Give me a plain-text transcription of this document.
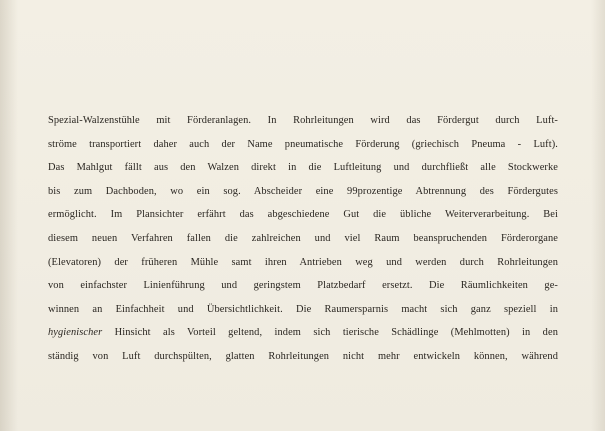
Spezial-Walzenstühle mit Förderanlagen. In Rohrleitungen wird das Fördergut durch Luft-
ströme transportiert daher auch der Name pneumatische Förderung (griechisch Pneuma - Luft).
Das Mahlgut fällt aus den Walzen direkt in die Luftleitung und durchfließt alle Stockwerke
bis zum Dachboden, wo ein sog. Abscheider eine 99prozentige Abtrennung des Fördergutes
ermöglicht. Im Plansichter erfährt das abgeschiedene Gut die übliche Weiterverarbeitung. Bei
diesem neuen Verfahren fallen die zahlreichen und viel Raum beanspruchenden Förderorgane
(Elevatoren) der früheren Mühle samt ihren Antrieben weg und werden durch Rohrleitungen
von einfachster Linienführung und geringstem Platzbedarf ersetzt. Die Räumlichkeiten ge-
winnen an Einfachheit und Übersichtlichkeit. Die Raumersparnis macht sich ganz speziell in
hygienischer Hinsicht als Vorteil geltend, indem sich tierische Schädlinge (Mehlmotten) in den
ständig von Luft durchspülten, glatten Rohrleitungen nicht mehr entwickeln können, während
